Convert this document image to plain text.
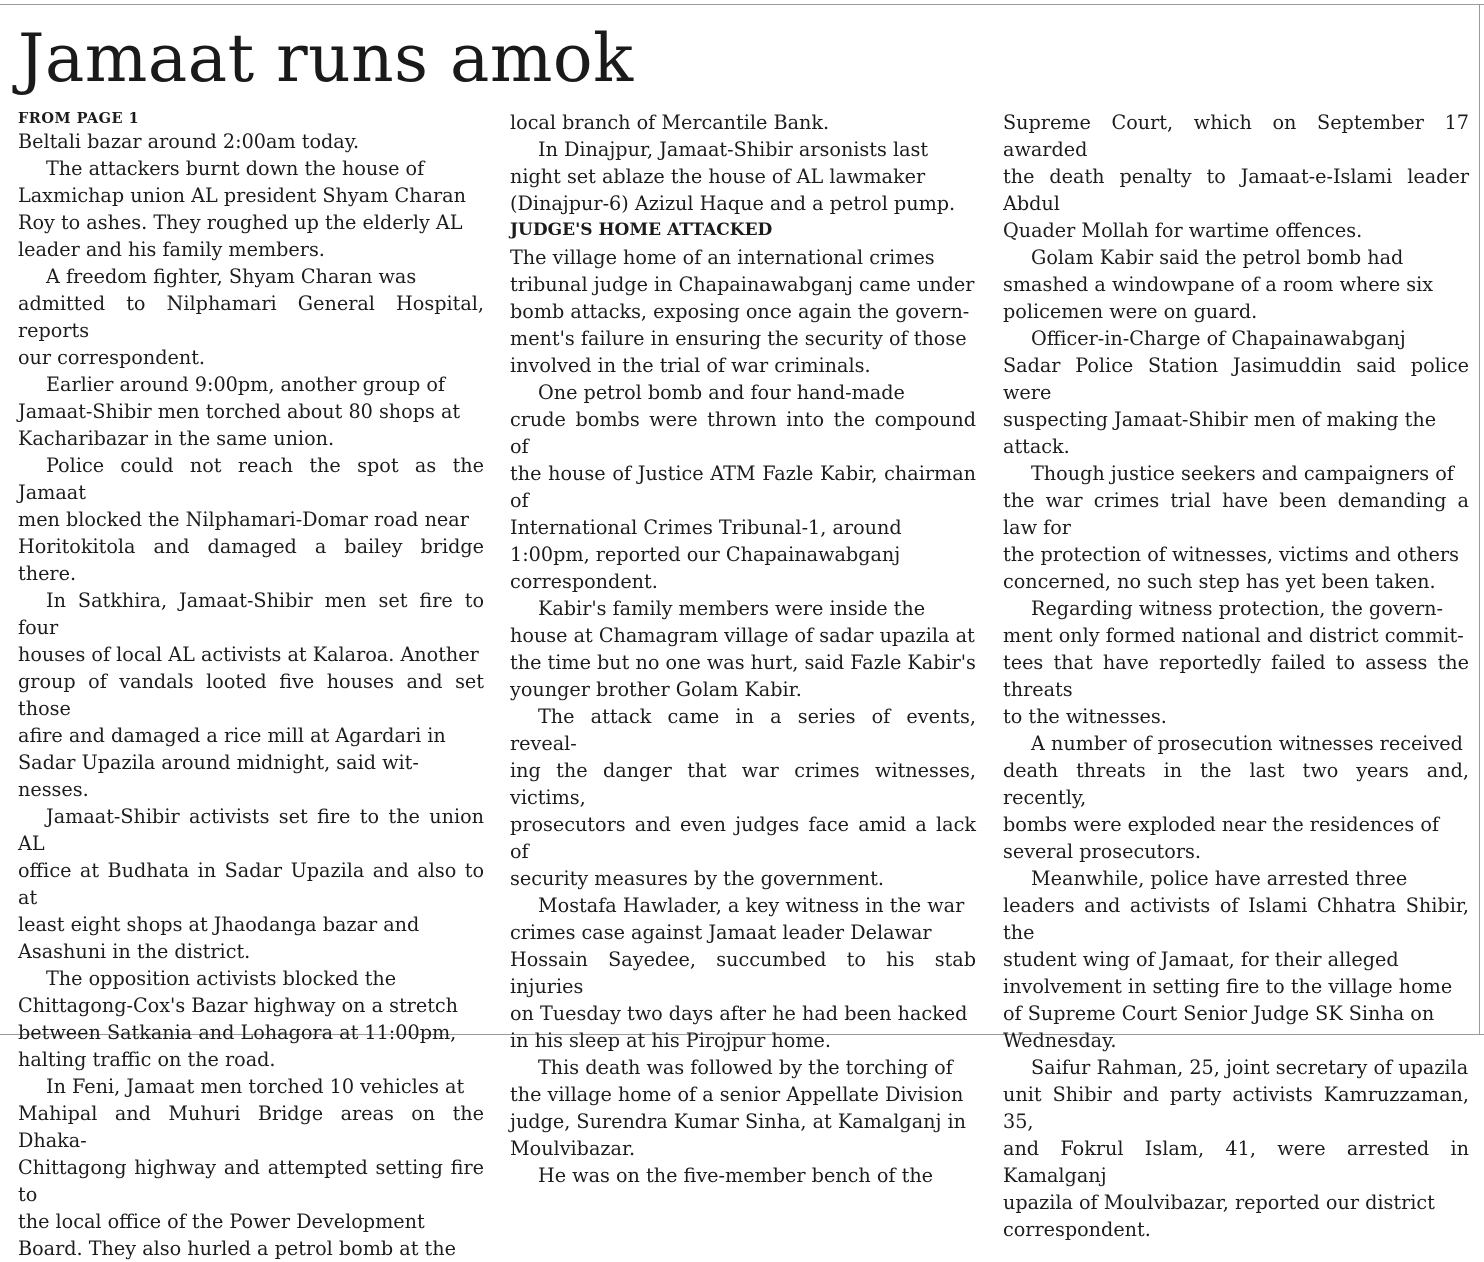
Jamaat runs amok
FROM PAGE 1

Beltali bazar around 2:00am today.

The attackers burnt down the house of
Laxmichap union AL president Shyam Charan
Roy to ashes. They roughed up the elderly AL
leader and his family members.

A freedom fighter, Shyam Charan was
admitted to Nilphamari General Hospital, reports
our correspondent.

Earlier around 9:00pm, another group of
Jamaat-Shibir men torched about 80 shops at
Kacharibazar in the same union.

Police could not reach the spot as the Jamaat
men blocked the Nilphamari-Domar road near
Horitokitola and damaged a bailey bridge there.

In Satkhira, Jamaat-Shibir men set fire to four
houses of local AL activists at Kalaroa. Another
group of vandals looted five houses and set those
afire and damaged a rice mill at Agardari in
Sadar Upazila around midnight, said wit-
nesses.

Jamaat-Shibir activists set fire to the union AL
office at Budhata in Sadar Upazila and also to at
least eight shops at Jhaodanga bazar and
Asashuni in the district.

The opposition activists blocked the
Chittagong-Cox's Bazar highway on a stretch
between Satkania and Lohagora at 11:00pm,
halting traffic on the road.

In Feni, Jamaat men torched 10 vehicles at
Mahipal and Muhuri Bridge areas on the Dhaka-
Chittagong highway and attempted setting fire to
the local office of the Power Development
Board. They also hurled a petrol bomb at the

local branch of Mercantile Bank.

In Dinajpur, Jamaat-Shibir arsonists last
night set ablaze the house of AL lawmaker
(Dinajpur-6) Azizul Haque and a petrol pump.

JUDGE'S HOME ATTACKED

The village home of an international crimes
tribunal judge in Chapainawabganj came under
bomb attacks, exposing once again the govern-
ment's failure in ensuring the security of those
involved in the trial of war criminals.

One petrol bomb and four hand-made
crude bombs were thrown into the compound of
the house of Justice ATM Fazle Kabir, chairman of
International Crimes Tribunal-1, around
1:00pm, reported our Chapainawabganj
correspondent.

Kabir's family members were inside the
house at Chamagram village of sadar upazila at
the time but no one was hurt, said Fazle Kabir's
younger brother Golam Kabir.

The attack came in a series of events, reveal-
ing the danger that war crimes witnesses, victims,
prosecutors and even judges face amid a lack of
security measures by the government.

Mostafa Hawlader, a key witness in the war
crimes case against Jamaat leader Delawar
Hossain Sayedee, succumbed to his stab injuries
on Tuesday two days after he had been hacked
in his sleep at his Pirojpur home.

This death was followed by the torching of
the village home of a senior Appellate Division
judge, Surendra Kumar Sinha, at Kamalganj in
Moulvibazar.

He was on the five-member bench of the

Supreme Court, which on September 17 awarded
the death penalty to Jamaat-e-Islami leader Abdul
Quader Mollah for wartime offences.

Golam Kabir said the petrol bomb had
smashed a windowpane of a room where six
policemen were on guard.

Officer-in-Charge of Chapainawabganj
Sadar Police Station Jasimuddin said police were
suspecting Jamaat-Shibir men of making the
attack.

Though justice seekers and campaigners of
the war crimes trial have been demanding a law for
the protection of witnesses, victims and others
concerned, no such step has yet been taken.

Regarding witness protection, the govern-
ment only formed national and district commit-
tees that have reportedly failed to assess the threats
to the witnesses.

A number of prosecution witnesses received
death threats in the last two years and, recently,
bombs were exploded near the residences of
several prosecutors.

Meanwhile, police have arrested three
leaders and activists of Islami Chhatra Shibir, the
student wing of Jamaat, for their alleged
involvement in setting fire to the village home
of Supreme Court Senior Judge SK Sinha on
Wednesday.

Saifur Rahman, 25, joint secretary of upazila
unit Shibir and party activists Kamruzzaman, 35,
and Fokrul Islam, 41, were arrested in Kamalganj
upazila of Moulvibazar, reported our district
correspondent.
